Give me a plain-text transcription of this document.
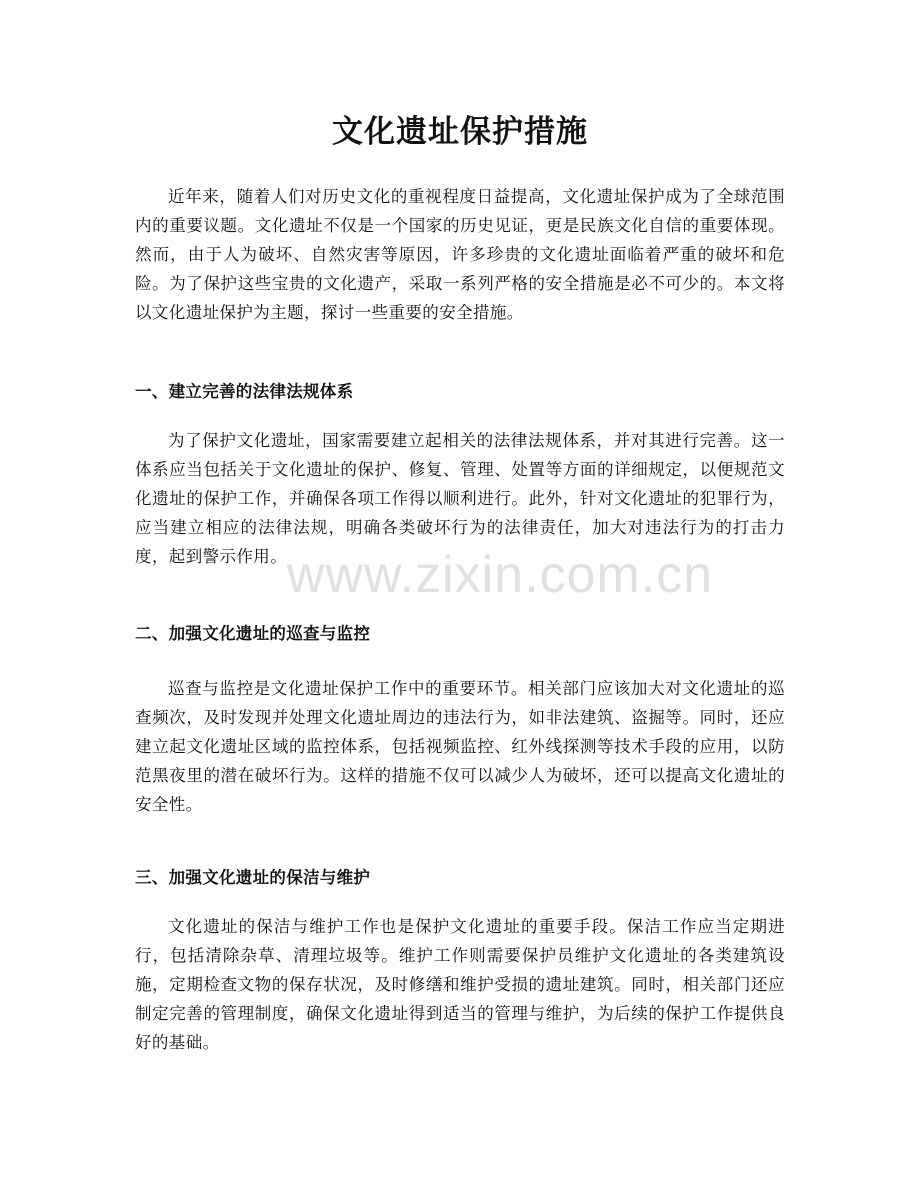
文化遗址保护措施

近年来，随着人们对历史文化的重视程度日益提高，文化遗址保护成为了全球范围内的重要议题。文化遗址不仅是一个国家的历史见证，更是民族文化自信的重要体现。然而，由于人为破坏、自然灾害等原因，许多珍贵的文化遗址面临着严重的破坏和危险。为了保护这些宝贵的文化遗产，采取一系列严格的安全措施是必不可少的。本文将以文化遗址保护为主题，探讨一些重要的安全措施。

一、建立完善的法律法规体系

为了保护文化遗址，国家需要建立起相关的法律法规体系，并对其进行完善。这一体系应当包括关于文化遗址的保护、修复、管理、处置等方面的详细规定，以便规范文化遗址的保护工作，并确保各项工作得以顺利进行。此外，针对文化遗址的犯罪行为，应当建立相应的法律法规，明确各类破坏行为的法律责任，加大对违法行为的打击力度，起到警示作用。

二、加强文化遗址的巡查与监控

巡查与监控是文化遗址保护工作中的重要环节。相关部门应该加大对文化遗址的巡查频次，及时发现并处理文化遗址周边的违法行为，如非法建筑、盗掘等。同时，还应建立起文化遗址区域的监控体系，包括视频监控、红外线探测等技术手段的应用，以防范黑夜里的潜在破坏行为。这样的措施不仅可以减少人为破坏，还可以提高文化遗址的安全性。

三、加强文化遗址的保洁与维护

文化遗址的保洁与维护工作也是保护文化遗址的重要手段。保洁工作应当定期进行，包括清除杂草、清理垃圾等。维护工作则需要保护员维护文化遗址的各类建筑设施，定期检查文物的保存状况，及时修缮和维护受损的遗址建筑。同时，相关部门还应制定完善的管理制度，确保文化遗址得到适当的管理与维护，为后续的保护工作提供良好的基础。

www.zixin.com.cn
